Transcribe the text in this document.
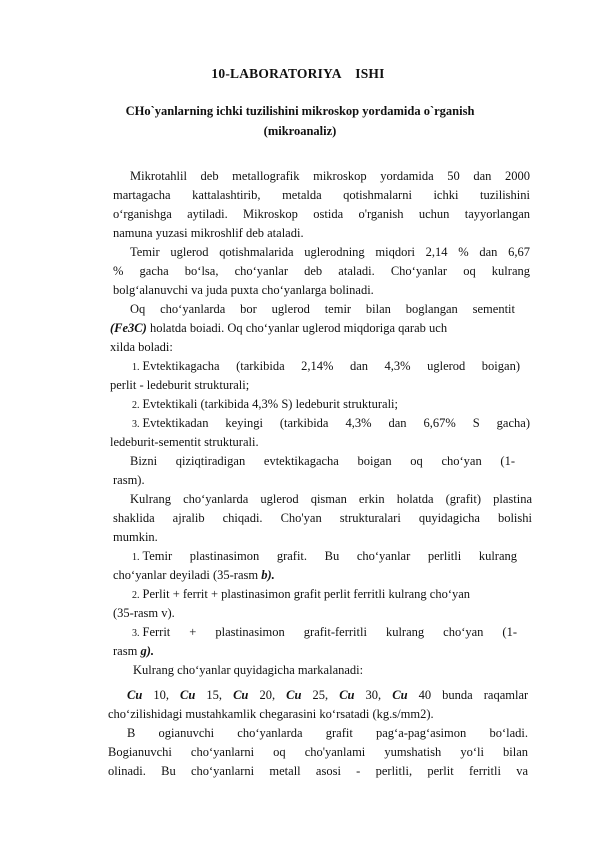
10-LABORATORIYA    ISHI
CHo`yanlarning ichki tuzilishini mikroskop yordamida o`rganish (mikroanaliz)
Mikrotahlil deb metallografik mikroskop yordamida 50 dan 2000
martagacha kattalashtirib, metalda qotishmalarni ichki tuzilishini
o‘rganishga aytiladi. Mikroskop ostida o'rganish uchun tayyorlangan
namuna yuzasi mikroshlif deb ataladi.
Temir uglerod qotishmalarida uglerodning miqdori 2,14 % dan 6,67
% gacha bo‘lsa, cho‘yanlar deb ataladi. Cho‘yanlar oq kulrang
bolg‘alanuvchi va juda puxta cho‘yanlarga bolinadi.
Oq cho‘yanlarda bor uglerod temir bilan boglangan sementit
(Fe3C) holatda boiadi. Oq cho‘yanlar uglerod miqdoriga qarab uch
xilda boladi:
1. Evtektikagacha (tarkibida 2,14% dan 4,3% uglerod boigan)
perlit - ledeburit strukturali;
2. Evtektikali (tarkibida 4,3% S) ledeburit strukturali;
3. Evtektikadan keyingi (tarkibida 4,3% dan 6,67% S gacha)
ledeburit-sementit strukturali.
Bizni qiziqtiradigan evtektikagacha boigan oq cho‘yan (1-
rasm).
Kulrang cho‘yanlarda uglerod qisman erkin holatda (grafit) plastina
shaklida ajralib chiqadi. Cho'yan strukturalari quyidagicha bolishi
mumkin.
1. Temir plastinasimon grafit. Bu cho‘yanlar perlitli kulrang
cho‘yanlar deyiladi (35-rasm b).
2. Perlit + ferrit + plastinasimon grafit perlit ferritli kulrang cho‘yan
(35-rasm v).
3. Ferrit + plastinasimon grafit-ferritli kulrang cho‘yan (1-
rasm g).
Kulrang cho‘yanlar quyidagicha markalanadi:
Cu 10, Cu 15, Cu 20, Cu 25, Cu 30, Cu 40 bunda raqamlar
cho‘zilishidagi mustahkamlik chegarasini ko‘rsatadi (kg.s/mm2).
B ogianuvchi cho‘yanlarda grafit pag‘a-pag‘asimon bo‘ladi.
Bogianuvchi cho‘yanlarni oq cho'yanlami yumshatish yo‘li bilan
olinadi. Bu cho‘yanlarni metall asosi - perlitli, perlit ferritli va
